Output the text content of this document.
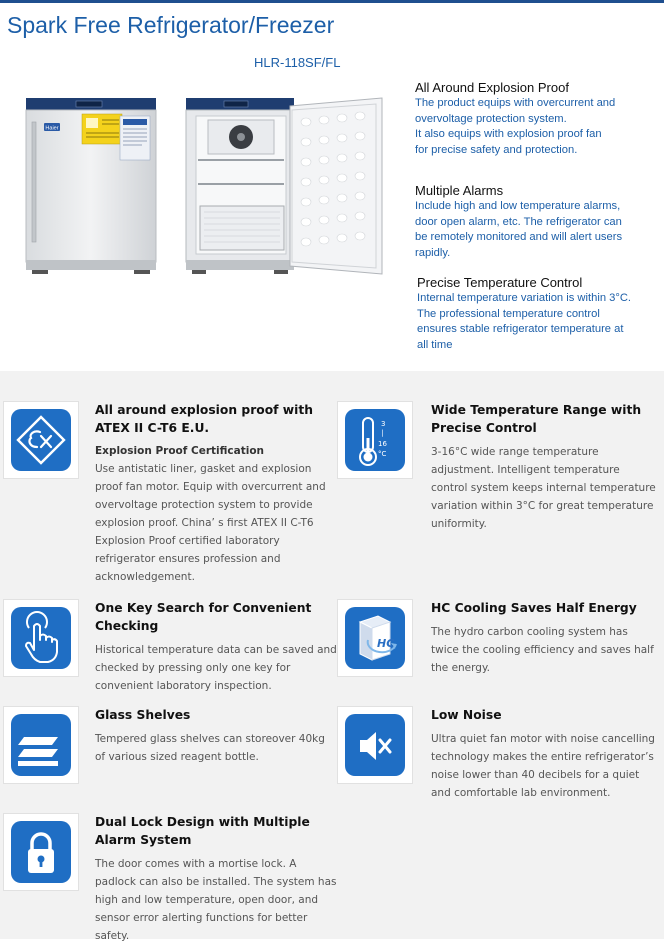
Spark Free Refrigerator/Freezer
HLR-118SF/FL
Haier
All Around Explosion Proof

The product equips with overcurrent and
overvoltage protection system.
It also equips with explosion proof fan
for precise safety and protection.

Multiple Alarms

Include high and low temperature alarms,
door open alarm, etc. The refrigerator can
be remotely monitored and will alert users
rapidly.

Precise Temperature Control

Internal temperature variation is within 3°C.
The professional temperature control
ensures stable refrigerator temperature at
all time

All around explosion proof with ATEX II C-T6 E.U.

Explosion Proof Certification

Use antistatic liner, gasket and explosion proof fan motor. Equip with overcurrent and overvoltage protection system to provide explosion proof. China’ s first ATEX II C-T6 Explosion Proof certified laboratory refrigerator ensures profession and acknowledgement.

3
|
16
°C

Wide Temperature Range with Precise Control

3-16°C wide range temperature adjustment. Intelligent temperature control system keeps internal temperature variation within 3°C for great temperature uniformity.

One Key Search for Convenient Checking

Historical temperature data can be saved and checked by pressing only one key for convenient laboratory inspection.

HC

HC Cooling Saves Half Energy

The hydro carbon cooling system has twice the cooling efficiency and saves half the energy.

Glass Shelves

Tempered glass shelves can storeover 40kg of various sized reagent bottle.

Low Noise

Ultra quiet fan motor with noise cancelling technology makes the entire refrigerator’s noise lower than 40 decibels for a quiet and comfortable lab environment.

Dual Lock Design with Multiple Alarm System

The door comes with a mortise lock. A padlock can also be installed. The system has high and low temperature, open door, and sensor error alerting functions for better safety.
